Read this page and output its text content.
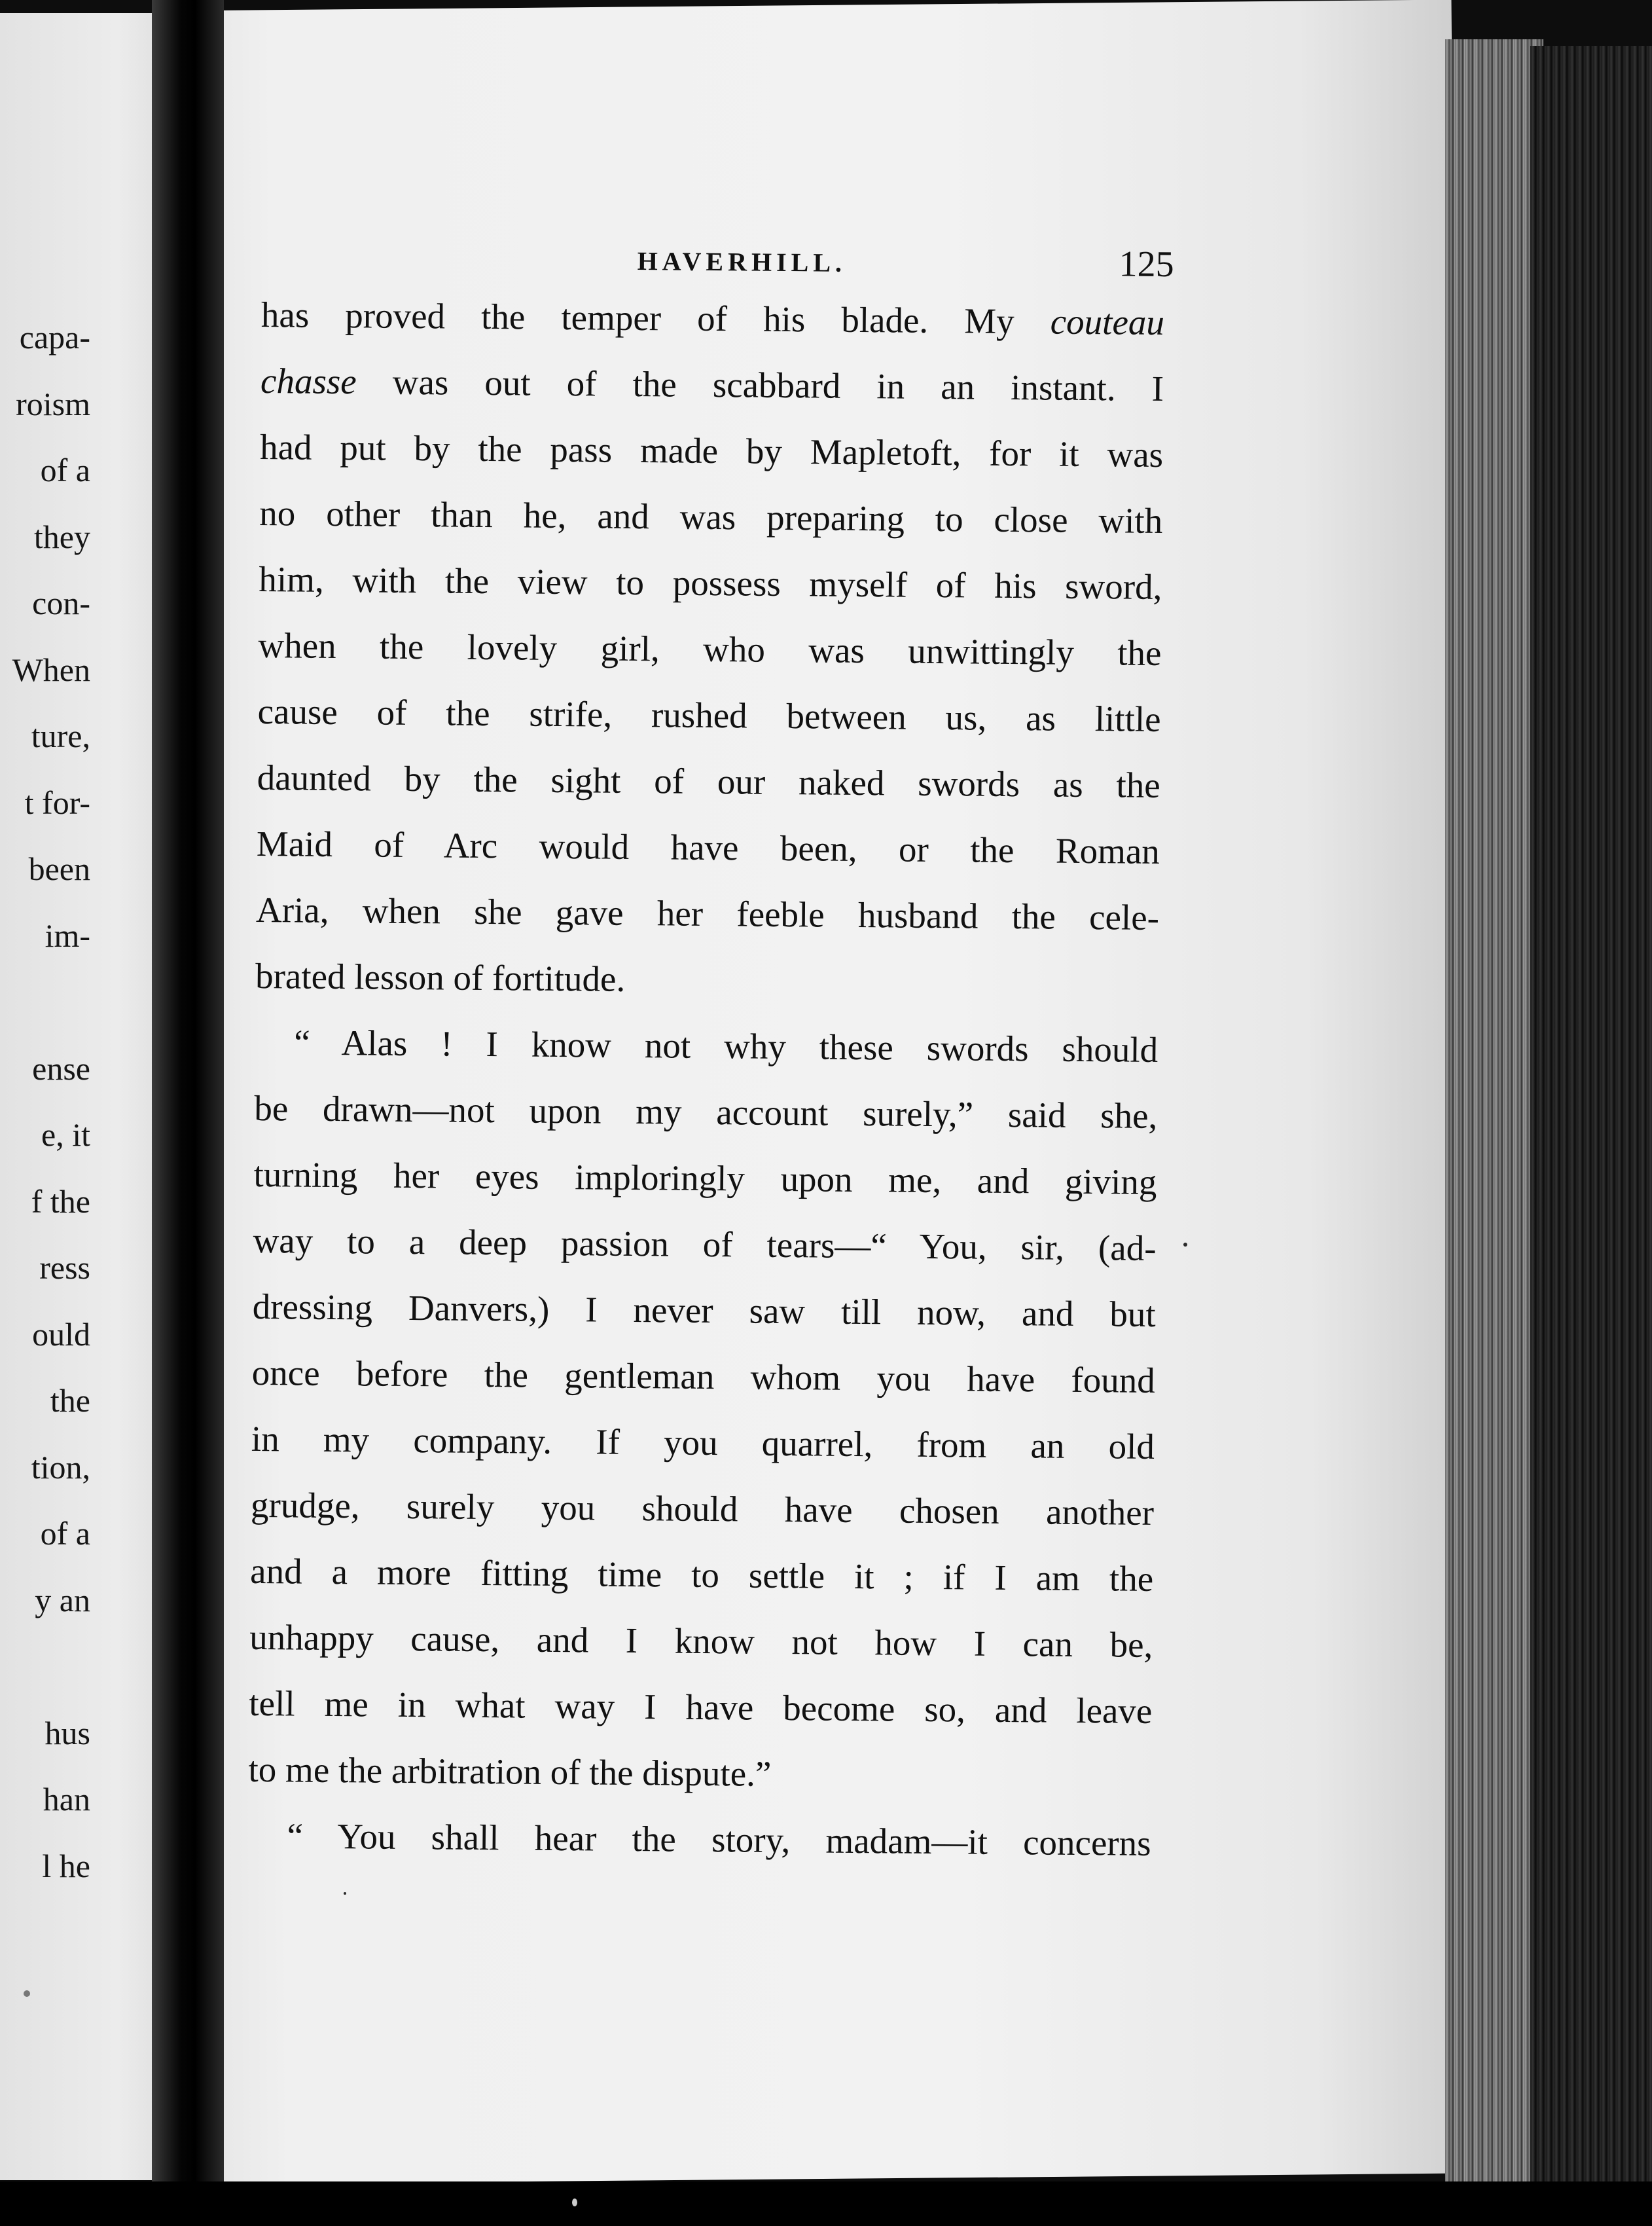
capa-
roism
of a
they
con-
When
ture,
t for-
been
im-
ense
e, it
f the
ress
ould
the
tion,
of a
y an
hus
han
l he
HAVERHILL.	125
has proved the temper of his blade. My couteau
chasse was out of the scabbard in an instant. I
had put by the pass made by Mapletoft, for it was
no other than he, and was preparing to close with
him, with the view to possess myself of his sword,
when the lovely girl, who was unwittingly the
cause of the strife, rushed between us, as little
daunted by the sight of our naked swords as the
Maid of Arc would have been, or the Roman
Aria, when she gave her feeble husband the cele-
brated lesson of fortitude.
“ Alas ! I know not why these swords should
be drawn—not upon my account surely,” said she,
turning her eyes imploringly upon me, and giving
way to a deep passion of tears—“ You, sir, (ad-
dressing Danvers,) I never saw till now, and but
once before the gentleman whom you have found
in my company. If you quarrel, from an old
grudge, surely you should have chosen another
and a more fitting time to settle it ; if I am the
unhappy cause, and I know not how I can be,
tell me in what way I have become so, and leave
to me the arbitration of the dispute.”
“ You shall hear the story, madam—it concerns
